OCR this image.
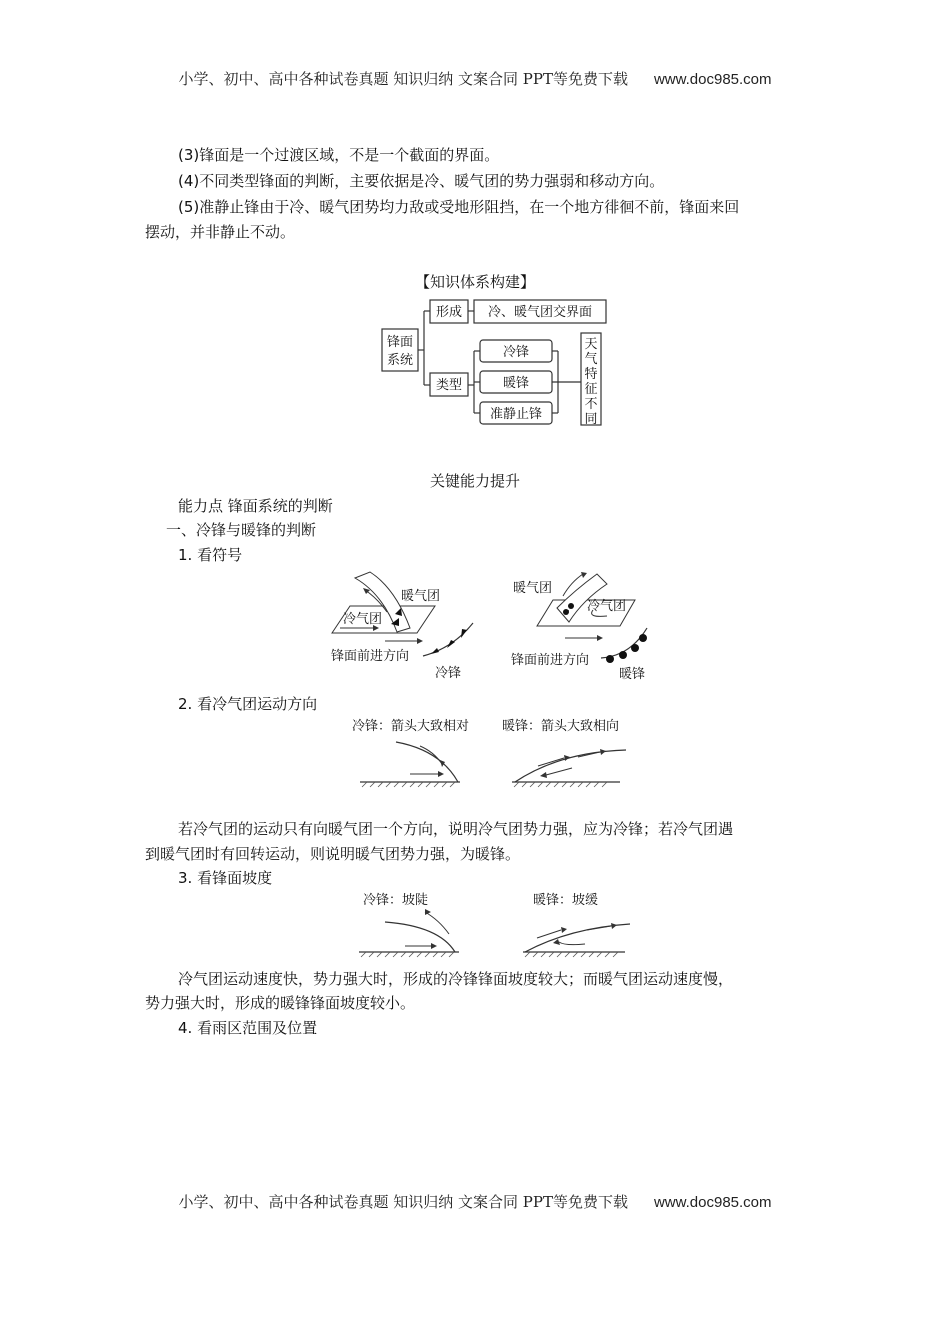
小学、初中、高中各种试卷真题 知识归纳 文案合同 PPT等免费下载 www.doc985.com
(3)锋面是一个过渡区域，不是一个截面的界面。
(4)不同类型锋面的判断，主要依据是冷、暖气团的势力强弱和移动方向。
(5)准静止锋由于冷、暖气团势均力敌或受地形阻挡，在一个地方徘徊不前，锋面来回
摆动，并非静止不动。
【知识体系构建】
锋面
系统
形成 冷、暖气团交界面
类型
冷锋
暖锋
准静止锋
天气特征不同
关键能力提升
能力点 锋面系统的判断
一、冷锋与暖锋的判断
1. 看符号
暖气团
冷气团
锋面前进方向
冷锋
暖气团
冷气团
锋面前进方向
暖锋
2. 看冷气团运动方向
冷锋：箭头大致相对	暖锋：箭头大致相向
若冷气团的运动只有向暖气团一个方向，说明冷气团势力强，应为冷锋；若冷气团遇
到暖气团时有回转运动，则说明暖气团势力强，为暖锋。
3. 看锋面坡度
冷锋：坡陡	暖锋：坡缓
冷气团运动速度快，势力强大时，形成的冷锋锋面坡度较大；而暖气团运动速度慢，
势力强大时，形成的暖锋锋面坡度较小。
4. 看雨区范围及位置
小学、初中、高中各种试卷真题 知识归纳 文案合同 PPT等免费下载 www.doc985.com
